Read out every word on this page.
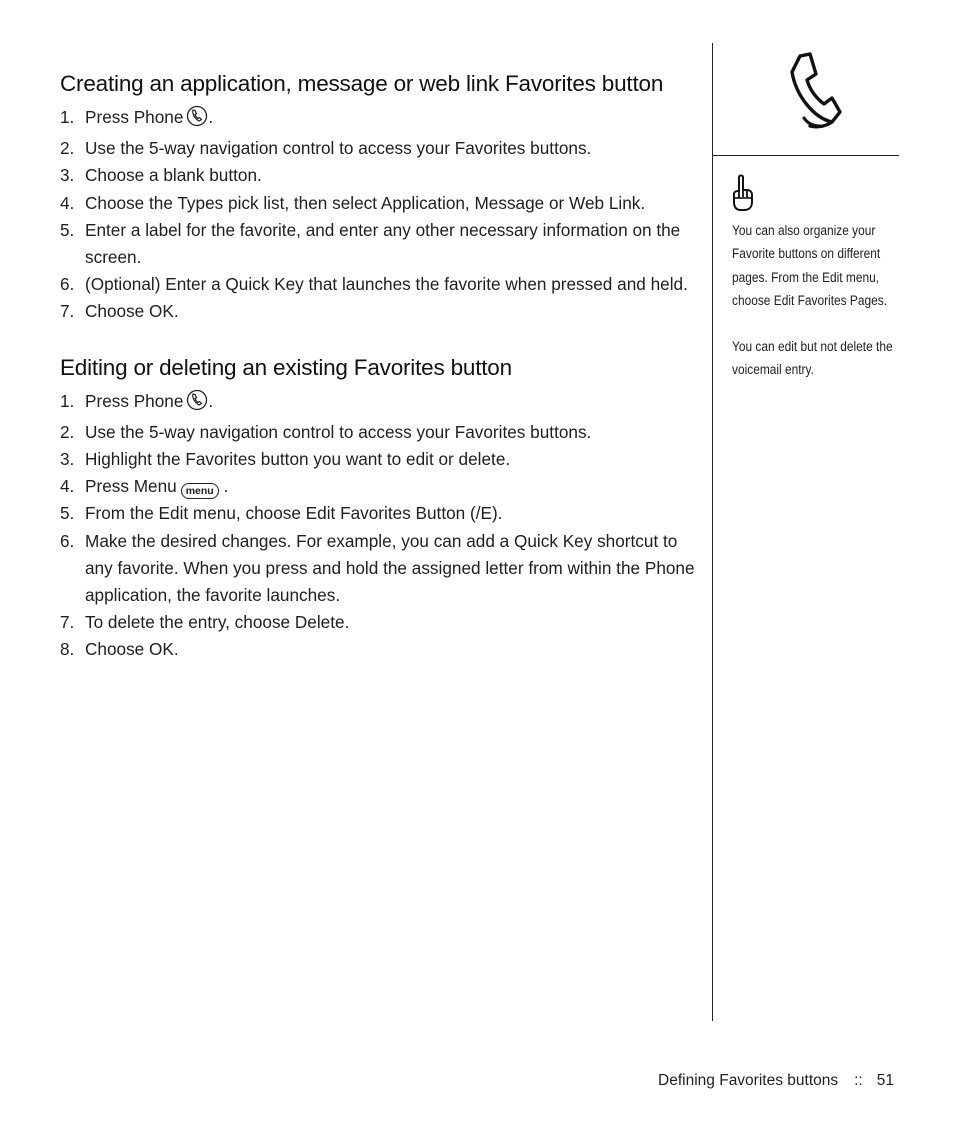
Creating an application, message or web link Favorites button
1. Press Phone .
2. Use the 5-way navigation control to access your Favorites buttons.
3. Choose a blank button.
4. Choose the Types pick list, then select Application, Message or Web Link.
5. Enter a label for the favorite, and enter any other necessary information on the screen.
6. (Optional) Enter a Quick Key that launches the favorite when pressed and held.
7. Choose OK.
Editing or deleting an existing Favorites button
1. Press Phone .
2. Use the 5-way navigation control to access your Favorites buttons.
3. Highlight the Favorites button you want to edit or delete.
4. Press Menu menu .
5. From the Edit menu, choose Edit Favorites Button (/E).
6. Make the desired changes. For example, you can add a Quick Key shortcut to any favorite. When you press and hold the assigned letter from within the Phone application, the favorite launches.
7. To delete the entry, choose Delete.
8. Choose OK.

You can also organize your Favorite buttons on different pages. From the Edit menu, choose Edit Favorites Pages.

You can edit but not delete the voicemail entry.

Defining Favorites buttons :: 51
